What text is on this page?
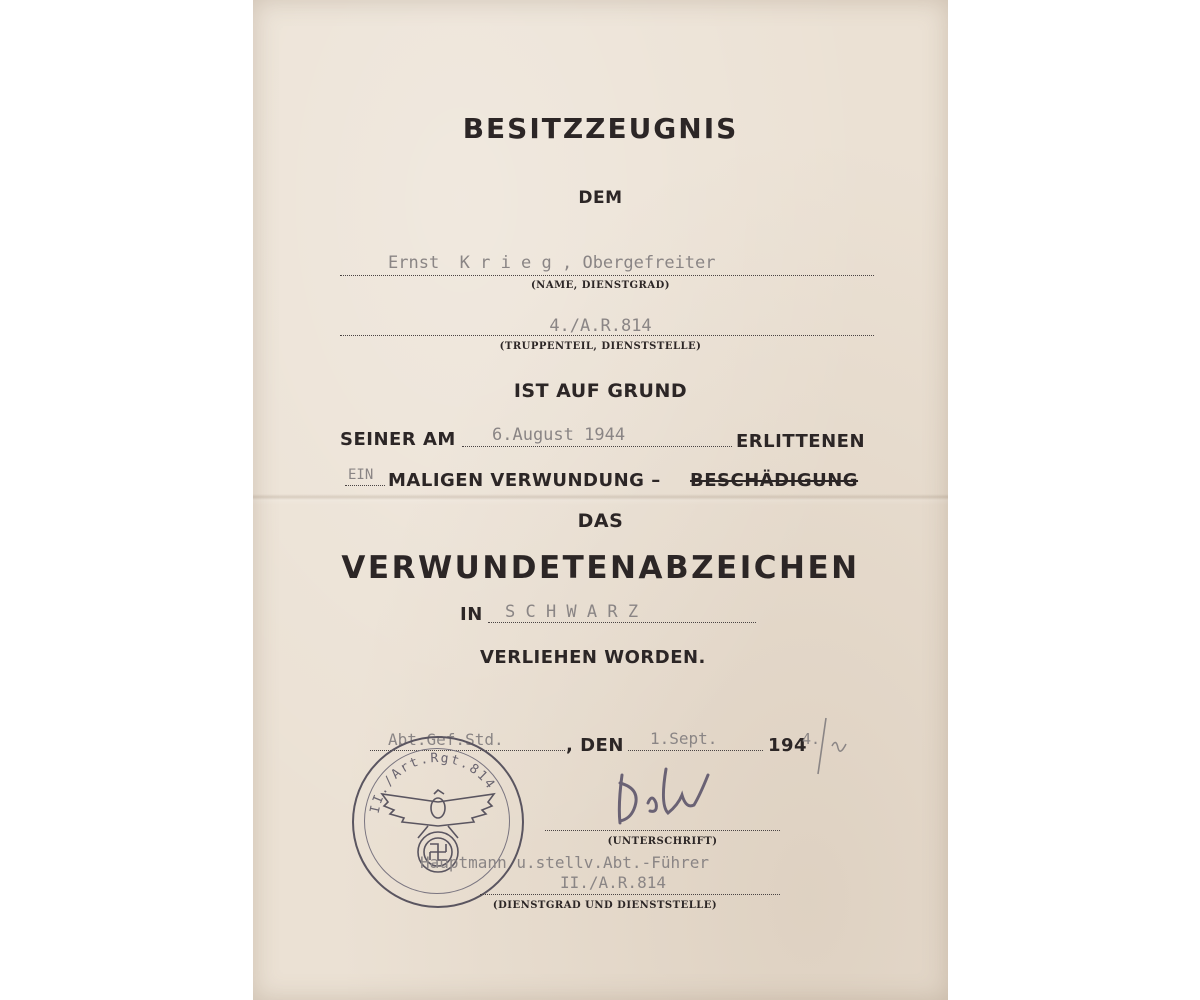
BESITZZEUGNIS
DEM
Ernst  K r i e g , Obergefreiter
(NAME, DIENSTGRAD)
4./A.R.814
(TRUPPENTEIL, DIENSTSTELLE)
IST AUF GRUND
SEINER AM 6.August 1944	ERLITTENEN
EIN MALIGEN VERWUNDUNG – BESCHÄDIGUNG
DAS
VERWUNDETENABZEICHEN
IN S C H W A R Z
VERLIEHEN WORDEN.
Abt.Gef.Std.	, DEN 1.Sept.	194
4.
II./Art.Rgt.814
(UNTERSCHRIFT)
Hauptmann u.stellv.Abt.-Führer
II./A.R.814
(DIENSTGRAD UND DIENSTSTELLE)
